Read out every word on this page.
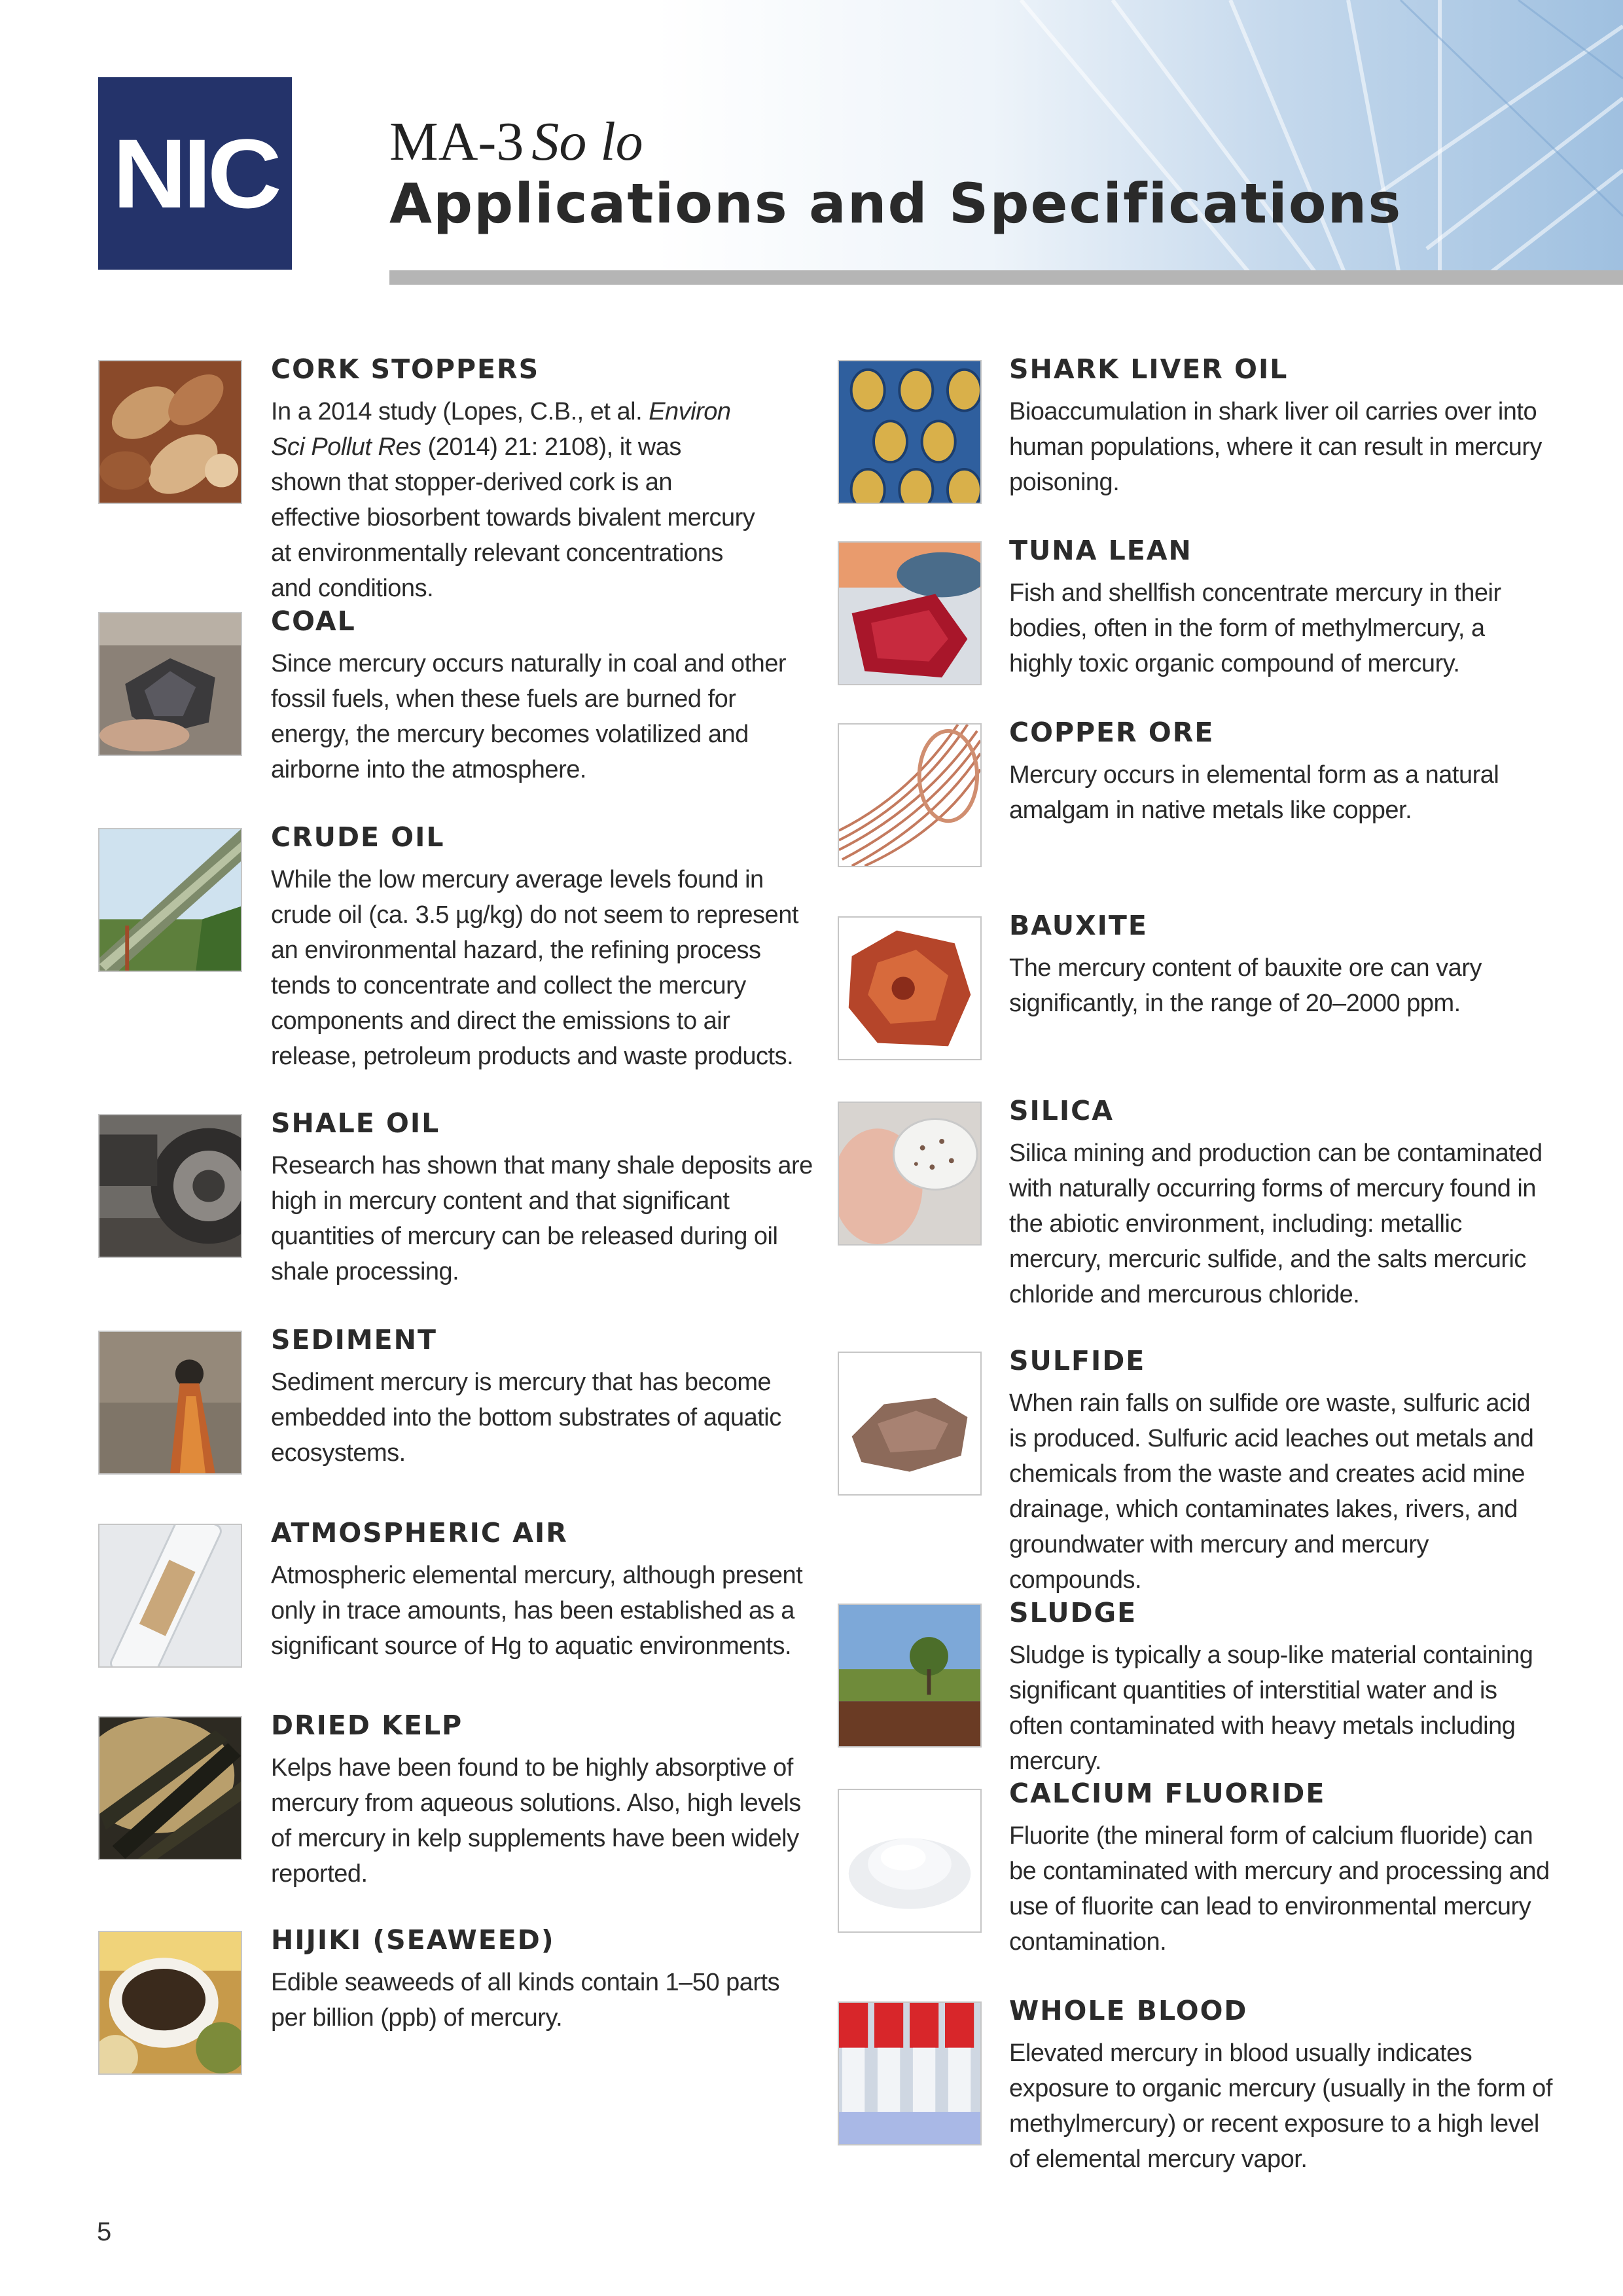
NIC MA-3 So lo
Applications and Specifications
CORK STOPPERS
In a 2014 study (Lopes, C.B., et al. Environ Sci Pollut Res (2014) 21: 2108), it was shown that stopper-derived cork is an effective biosorbent towards bivalent mercury at environmentally relevant concentrations and conditions.
COAL
Since mercury occurs naturally in coal and other fossil fuels, when these fuels are burned for energy, the mercury becomes volatilized and airborne into the atmosphere.
CRUDE OIL
While the low mercury average levels found in crude oil (ca. 3.5 µg/kg) do not seem to represent an environmental hazard, the refining process tends to concentrate and collect the mercury components and direct the emissions to air release, petroleum products and waste products.
SHALE OIL
Research has shown that many shale deposits are high in mercury content and that significant quantities of mercury can be released during oil shale processing.
SEDIMENT
Sediment mercury is mercury that has become embedded into the bottom substrates of aquatic ecosystems.
ATMOSPHERIC AIR
Atmospheric elemental mercury, although present only in trace amounts, has been established as a significant source of Hg to aquatic environments.
DRIED KELP
Kelps have been found to be highly absorptive of mercury from aqueous solutions. Also, high levels of mercury in kelp supplements have been widely reported.
HIJIKI (SEAWEED)
Edible seaweeds of all kinds contain 1–50 parts per billion (ppb) of mercury.
SHARK LIVER OIL
Bioaccumulation in shark liver oil carries over into human populations, where it can result in mercury poisoning.
TUNA LEAN
Fish and shellfish concentrate mercury in their bodies, often in the form of methylmercury, a highly toxic organic compound of mercury.
COPPER ORE
Mercury occurs in elemental form as a natural amalgam in native metals like copper.
BAUXITE
The mercury content of bauxite ore can vary significantly, in the range of 20–2000 ppm.
SILICA
Silica mining and production can be contaminated with naturally occurring forms of mercury found in the abiotic environment, including: metallic mercury, mercuric sulfide, and the salts mercuric chloride and mercurous chloride.
SULFIDE
When rain falls on sulfide ore waste, sulfuric acid is produced. Sulfuric acid leaches out metals and chemicals from the waste and creates acid mine drainage, which contaminates lakes, rivers, and groundwater with mercury and mercury compounds.
SLUDGE
Sludge is typically a soup-like material containing significant quantities of interstitial water and is often contaminated with heavy metals including mercury.
CALCIUM FLUORIDE
Fluorite (the mineral form of calcium fluoride) can be contaminated with mercury and processing and use of fluorite can lead to environmental mercury contamination.
WHOLE BLOOD
Elevated mercury in blood usually indicates exposure to organic mercury (usually in the form of methylmercury) or recent exposure to a high level of elemental mercury vapor.
5
